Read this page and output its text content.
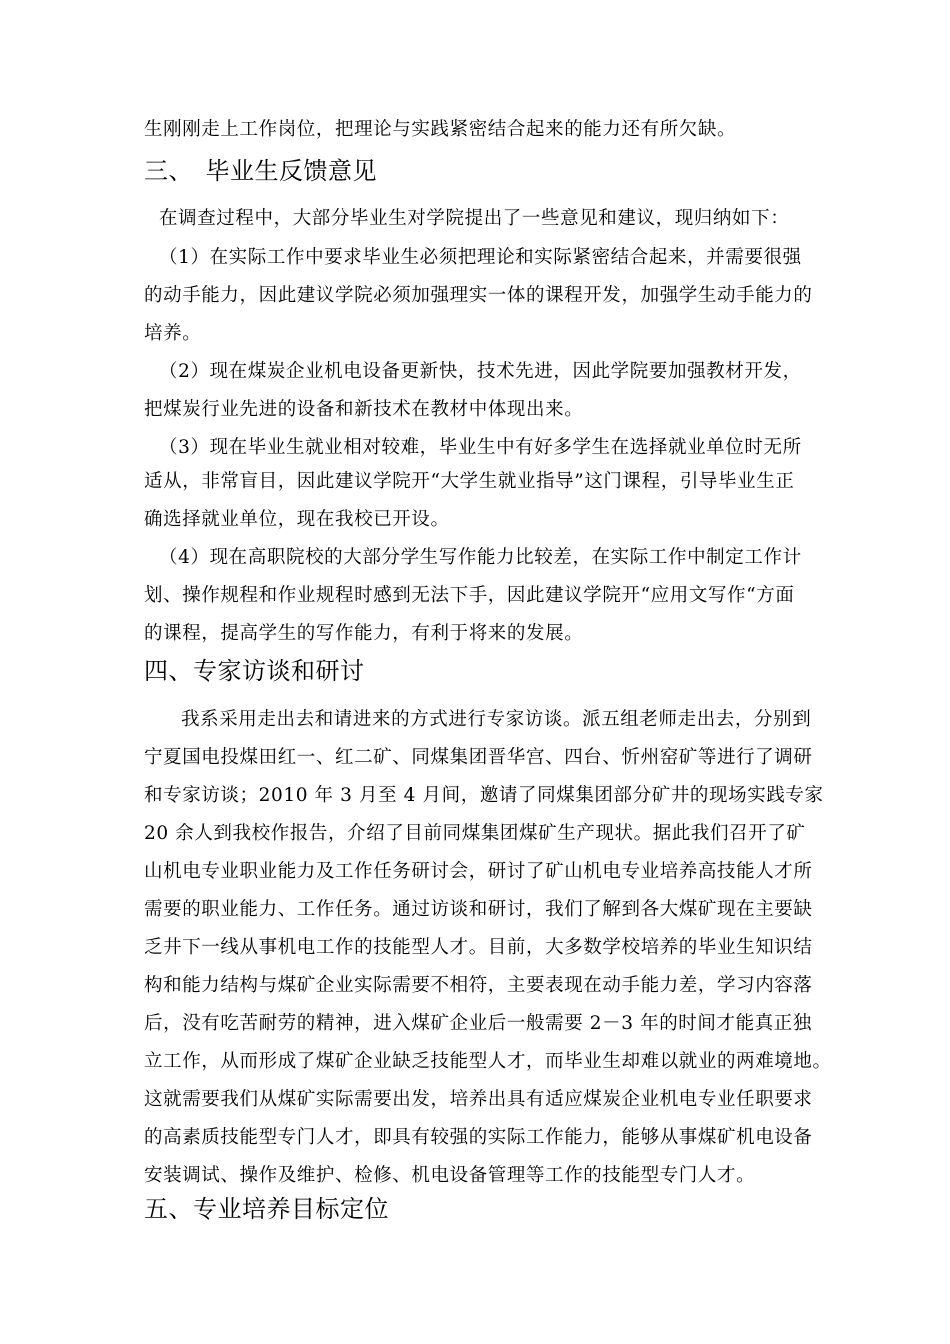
生刚刚走上工作岗位，把理论与实践紧密结合起来的能力还有所欠缺。
三、　毕业生反馈意见
在调查过程中，大部分毕业生对学院提出了一些意见和建议，现归纳如下：
（1）在实际工作中要求毕业生必须把理论和实际紧密结合起来，并需要很强
的动手能力，因此建议学院必须加强理实一体的课程开发，加强学生动手能力的
培养。
（2）现在煤炭企业机电设备更新快，技术先进，因此学院要加强教材开发，
把煤炭行业先进的设备和新技术在教材中体现出来。
（3）现在毕业生就业相对较难，毕业生中有好多学生在选择就业单位时无所
适从，非常盲目，因此建议学院开“大学生就业指导”这门课程，引导毕业生正
确选择就业单位，现在我校已开设。
（4）现在高职院校的大部分学生写作能力比较差，在实际工作中制定工作计
划、操作规程和作业规程时感到无法下手，因此建议学院开“应用文写作“方面
的课程，提高学生的写作能力，有利于将来的发展。
四、专家访谈和研讨
我系采用走出去和请进来的方式进行专家访谈。派五组老师走出去，分别到
宁夏国电投煤田红一、红二矿、同煤集团晋华宫、四台、忻州窑矿等进行了调研
和专家访谈；2010 年 3 月至 4 月间，邀请了同煤集团部分矿井的现场实践专家
20 余人到我校作报告，介绍了目前同煤集团煤矿生产现状。据此我们召开了矿
山机电专业职业能力及工作任务研讨会，研讨了矿山机电专业培养高技能人才所
需要的职业能力、工作任务。通过访谈和研讨，我们了解到各大煤矿现在主要缺
乏井下一线从事机电工作的技能型人才。目前，大多数学校培养的毕业生知识结
构和能力结构与煤矿企业实际需要不相符，主要表现在动手能力差，学习内容落
后，没有吃苦耐劳的精神，进入煤矿企业后一般需要 2－3 年的时间才能真正独
立工作，从而形成了煤矿企业缺乏技能型人才，而毕业生却难以就业的两难境地。
这就需要我们从煤矿实际需要出发，培养出具有适应煤炭企业机电专业任职要求
的高素质技能型专门人才，即具有较强的实际工作能力，能够从事煤矿机电设备
安装调试、操作及维护、检修、机电设备管理等工作的技能型专门人才。
五、专业培养目标定位
